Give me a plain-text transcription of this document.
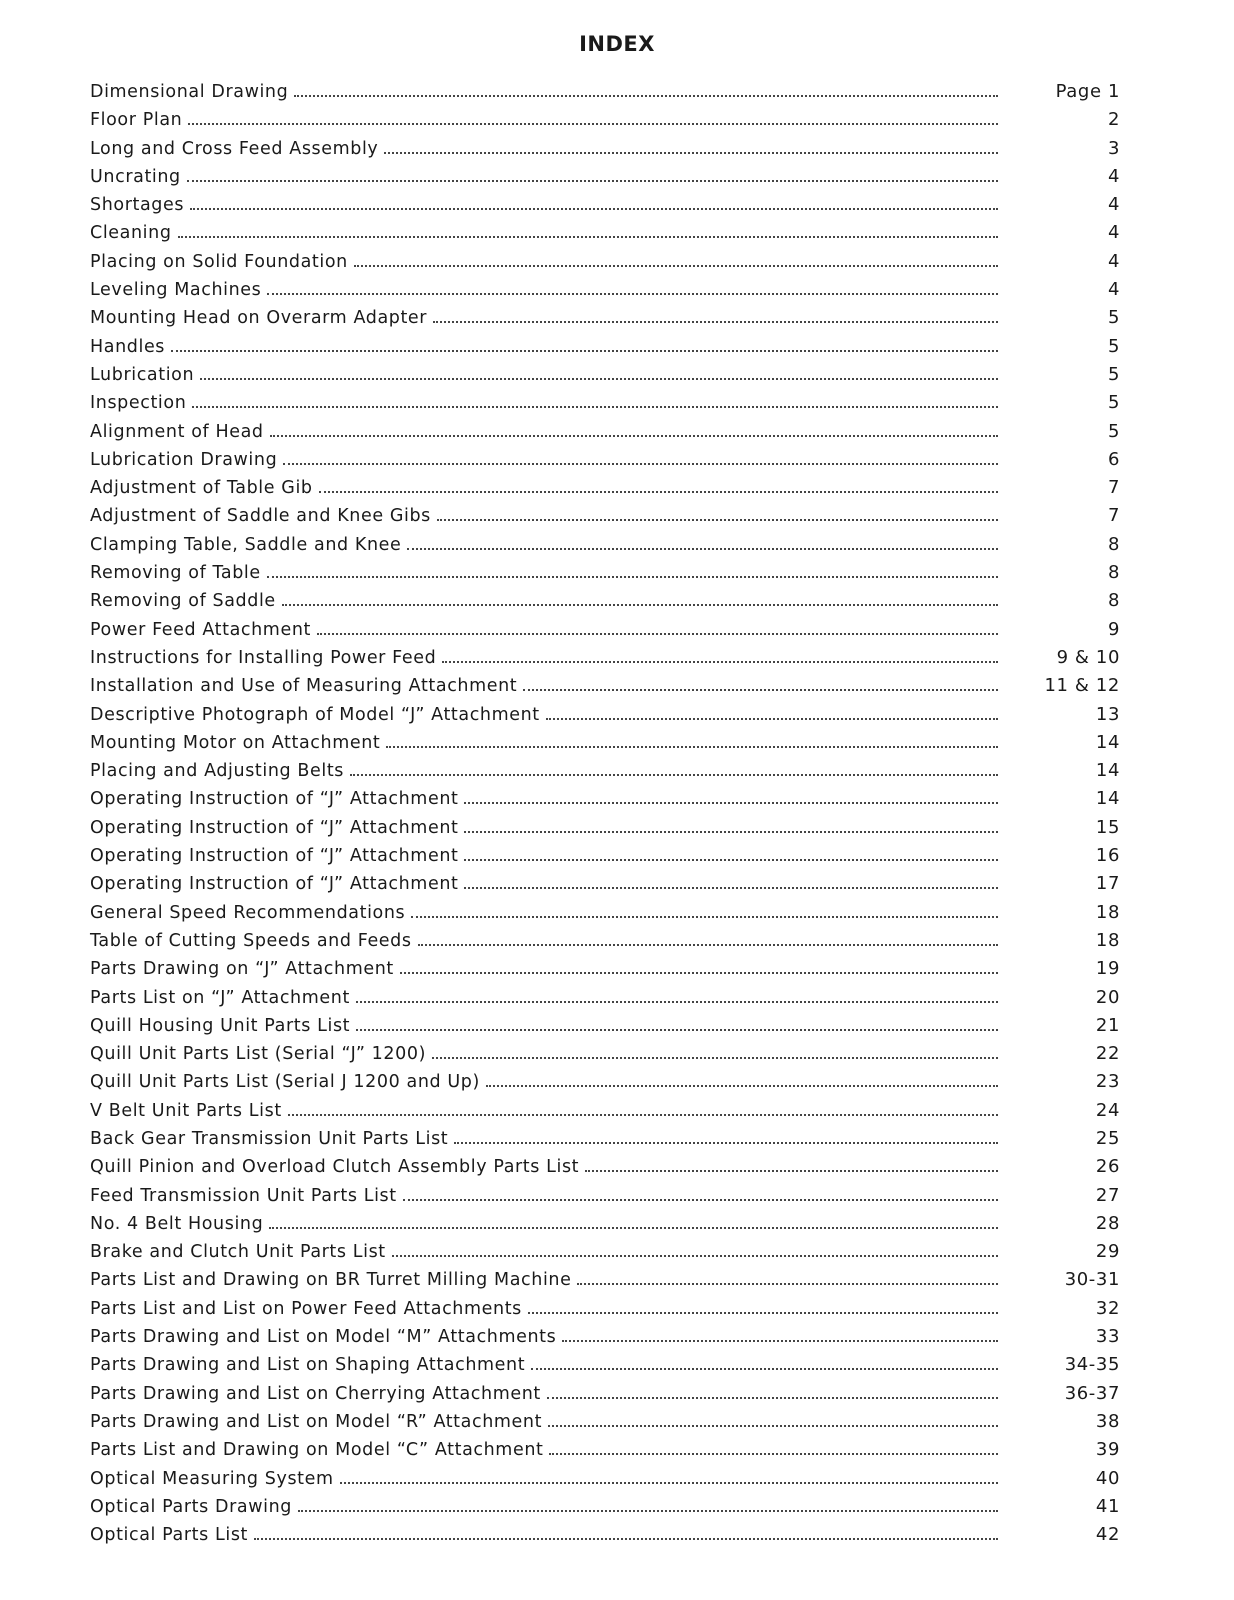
INDEX
Dimensional Drawing	Page 1
Floor Plan	2
Long and Cross Feed Assembly	3
Uncrating	4
Shortages	4
Cleaning	4
Placing on Solid Foundation	4
Leveling Machines	4
Mounting Head on Overarm Adapter	5
Handles	5
Lubrication	5
Inspection	5
Alignment of Head	5
Lubrication Drawing	6
Adjustment of Table Gib	7
Adjustment of Saddle and Knee Gibs	7
Clamping Table, Saddle and Knee	8
Removing of Table	8
Removing of Saddle	8
Power Feed Attachment	9
Instructions for Installing Power Feed	9 & 10
Installation and Use of Measuring Attachment	11 & 12
Descriptive Photograph of Model “J” Attachment	13
Mounting Motor on Attachment	14
Placing and Adjusting Belts	14
Operating Instruction of “J” Attachment	14
Operating Instruction of “J” Attachment	15
Operating Instruction of “J” Attachment	16
Operating Instruction of “J” Attachment	17
General Speed Recommendations	18
Table of Cutting Speeds and Feeds	18
Parts Drawing on “J” Attachment	19
Parts List on “J” Attachment	20
Quill Housing Unit Parts List	21
Quill Unit Parts List (Serial “J” 1200)	22
Quill Unit Parts List (Serial J 1200 and Up)	23
V Belt Unit Parts List	24
Back Gear Transmission Unit Parts List	25
Quill Pinion and Overload Clutch Assembly Parts List	26
Feed Transmission Unit Parts List	27
No. 4 Belt Housing	28
Brake and Clutch Unit Parts List	29
Parts List and Drawing on BR Turret Milling Machine	30-31
Parts List and List on Power Feed Attachments	32
Parts Drawing and List on Model “M” Attachments	33
Parts Drawing and List on Shaping Attachment	34-35
Parts Drawing and List on Cherrying Attachment	36-37
Parts Drawing and List on Model “R” Attachment	38
Parts List and Drawing on Model “C” Attachment	39
Optical Measuring System	40
Optical Parts Drawing	41
Optical Parts List	42
